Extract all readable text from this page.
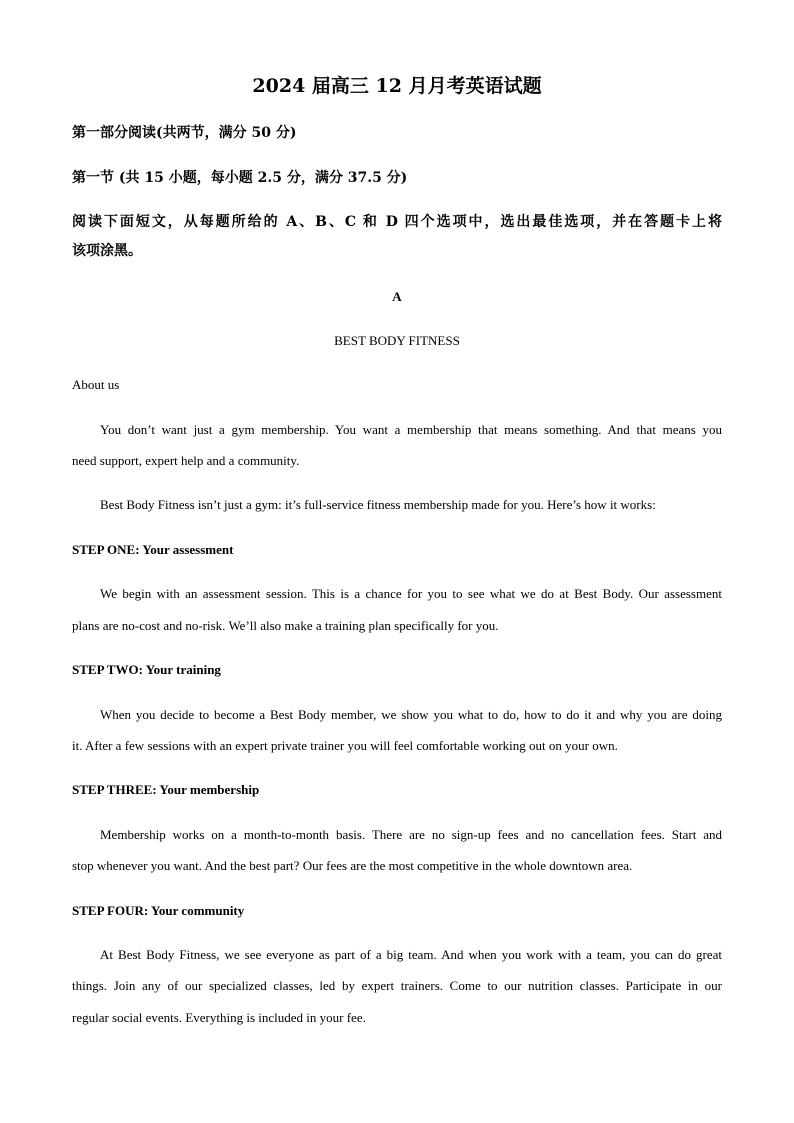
2024 届高三 12 月月考英语试题
第一部分阅读(共两节，满分 50 分)
第一节 (共 15 小题，每小题 2.5 分，满分 37.5 分)
阅读下面短文，从每题所给的 A、B、C 和 D 四个选项中，选出最佳选项，并在答题卡上将
该项涂黑。
A
BEST BODY FITNESS
About us
You don’t want just a gym membership. You want a membership that means something. And that means you
need support, expert help and a community.
Best Body Fitness isn’t just a gym: it’s full-service fitness membership made for you. Here’s how it works:
STEP ONE: Your assessment
We begin with an assessment session. This is a chance for you to see what we do at Best Body. Our assessment
plans are no-cost and no-risk. We’ll also make a training plan specifically for you.
STEP TWO: Your training
When you decide to become a Best Body member, we show you what to do, how to do it and why you are doing
it. After a few sessions with an expert private trainer you will feel comfortable working out on your own.
STEP THREE: Your membership
Membership works on a month-to-month basis. There are no sign-up fees and no cancellation fees. Start and
stop whenever you want. And the best part? Our fees are the most competitive in the whole downtown area.
STEP FOUR: Your community
At Best Body Fitness, we see everyone as part of a big team. And when you work with a team, you can do great
things. Join any of our specialized classes, led by expert trainers. Come to our nutrition classes. Participate in our
regular social events. Everything is included in your fee.
